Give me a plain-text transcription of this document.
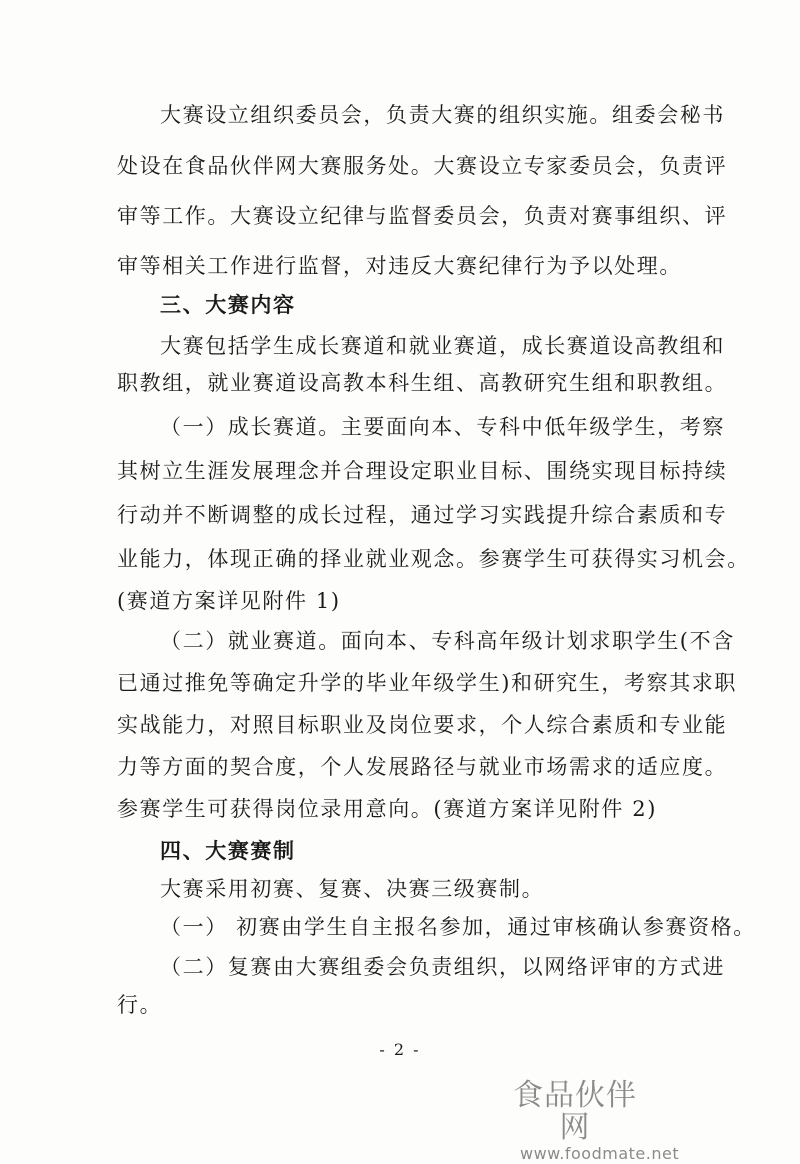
大赛设立组织委员会，负责大赛的组织实施。组委会秘书
处设在食品伙伴网大赛服务处。大赛设立专家委员会，负责评
审等工作。大赛设立纪律与监督委员会，负责对赛事组织、评
审等相关工作进行监督，对违反大赛纪律行为予以处理。
三、大赛内容
大赛包括学生成长赛道和就业赛道，成长赛道设高教组和
职教组，就业赛道设高教本科生组、高教研究生组和职教组。
（一）成长赛道。主要面向本、专科中低年级学生，考察
其树立生涯发展理念并合理设定职业目标、围绕实现目标持续
行动并不断调整的成长过程，通过学习实践提升综合素质和专
业能力，体现正确的择业就业观念。参赛学生可获得实习机会。
(赛道方案详见附件 1)
（二）就业赛道。面向本、专科高年级计划求职学生(不含
已通过推免等确定升学的毕业年级学生)和研究生，考察其求职
实战能力，对照目标职业及岗位要求，个人综合素质和专业能
力等方面的契合度，个人发展路径与就业市场需求的适应度。
参赛学生可获得岗位录用意向。(赛道方案详见附件 2)
四、大赛赛制
大赛采用初赛、复赛、决赛三级赛制。
（一） 初赛由学生自主报名参加，通过审核确认参赛资格。
（二）复赛由大赛组委会负责组织，以网络评审的方式进
行。
- 2 -
食品伙伴网
www.foodmate.net
